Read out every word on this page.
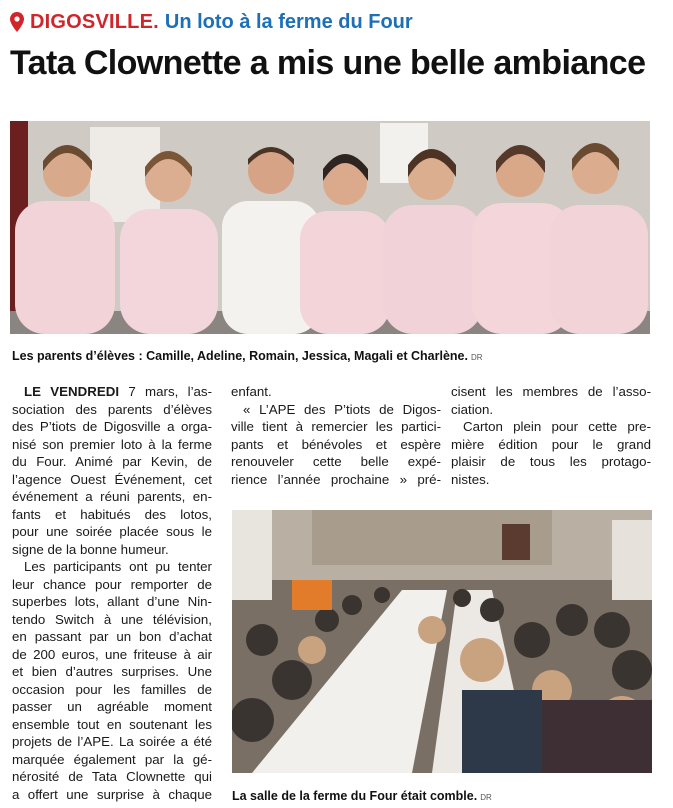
DIGOSVILLE. Un loto à la ferme du Four
Tata Clownette a mis une belle ambiance
Les parents d’élèves : Camille, Adeline, Romain, Jessica, Magali et Charlène. DR
LE VENDREDI 7 mars, l’as-
sociation des parents d’élèves
des P’tiots de Digosville a orga-
nisé son premier loto à la ferme
du Four. Animé par Kevin, de
l’agence Ouest Événement, cet
événement a réuni parents, en-
fants et habitués des lotos,
pour une soirée placée sous le
signe de la bonne humeur.
Les participants ont pu tenter
leur chance pour remporter de
superbes lots, allant d’une Nin-
tendo Switch à une télévision,
en passant par un bon d’achat
de 200 euros, une friteuse à air
et bien d’autres surprises. Une
occasion pour les familles de
passer un agréable moment
ensemble tout en soutenant les
projets de l’APE. La soirée a été
marquée également par la gé-
nérosité de Tata Clownette qui
a offert une surprise à chaque
enfant.
« L’APE des P’tiots de Digos-
ville tient à remercier les partici-
pants et bénévoles et espère
renouveler cette belle expé-
rience l’année prochaine » pré-
cisent les membres de l’asso-
ciation.
Carton plein pour cette pre-
mière édition pour le grand
plaisir de tous les protago-
nistes.
La salle de la ferme du Four était comble. DR
